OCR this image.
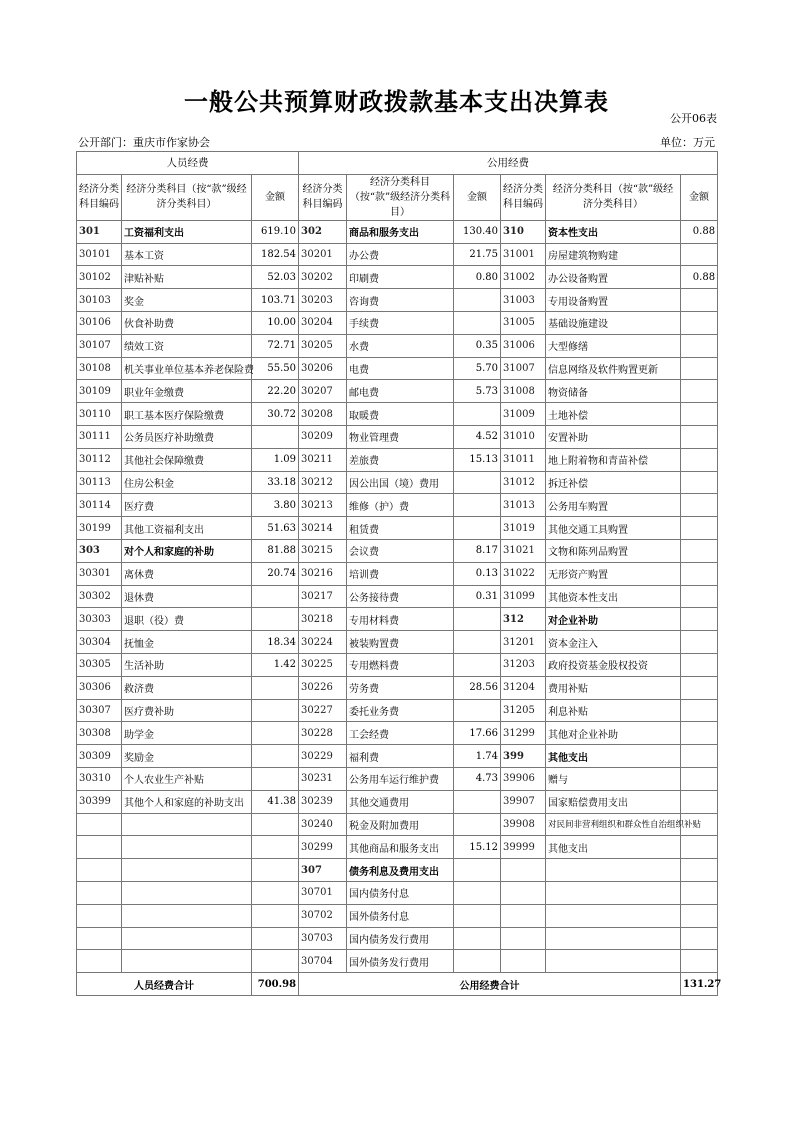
一般公共预算财政拨款基本支出决算表
公开06表
公开部门：重庆市作家协会	单位：万元
人员经费			公用经费					
经济分类科目编码	经济分类科目（按“款”级经济分类科目）	金额	经济分类科目编码	经济分类科目（按“款”级经济分类科目）	金额	经济分类科目编码	经济分类科目（按“款”级经济分类科目）	金额
301	工资福利支出	619.10	302	商品和服务支出	130.40	310	资本性支出	0.88
30101	基本工资	182.54	30201	办公费	21.75	31001	房屋建筑物购建	
30102	津贴补贴	52.03	30202	印刷费	0.80	31002	办公设备购置	0.88
30103	奖金	103.71	30203	咨询费		31003	专用设备购置	
30106	伙食补助费	10.00	30204	手续费		31005	基础设施建设	
30107	绩效工资	72.71	30205	水费	0.35	31006	大型修缮	
30108	机关事业单位基本养老保险费	55.50	30206	电费	5.70	31007	信息网络及软件购置更新	
30109	职业年金缴费	22.20	30207	邮电费	5.73	31008	物资储备	
30110	职工基本医疗保险缴费	30.72	30208	取暖费		31009	土地补偿	
30111	公务员医疗补助缴费		30209	物业管理费	4.52	31010	安置补助	
30112	其他社会保障缴费	1.09	30211	差旅费	15.13	31011	地上附着物和青苗补偿	
30113	住房公积金	33.18	30212	因公出国（境）费用		31012	拆迁补偿	
30114	医疗费	3.80	30213	维修（护）费		31013	公务用车购置	
30199	其他工资福利支出	51.63	30214	租赁费		31019	其他交通工具购置	
303	对个人和家庭的补助	81.88	30215	会议费	8.17	31021	文物和陈列品购置	
30301	离休费	20.74	30216	培训费	0.13	31022	无形资产购置	
30302	退休费		30217	公务接待费	0.31	31099	其他资本性支出	
30303	退职（役）费		30218	专用材料费		312	对企业补助	
30304	抚恤金	18.34	30224	被装购置费		31201	资本金注入	
30305	生活补助	1.42	30225	专用燃料费		31203	政府投资基金股权投资	
30306	救济费		30226	劳务费	28.56	31204	费用补贴	
30307	医疗费补助		30227	委托业务费		31205	利息补贴	
30308	助学金		30228	工会经费	17.66	31299	其他对企业补助	
30309	奖励金		30229	福利费	1.74	399	其他支出	
30310	个人农业生产补贴		30231	公务用车运行维护费	4.73	39906	赠与	
30399	其他个人和家庭的补助支出	41.38	30239	其他交通费用		39907	国家赔偿费用支出	
			30240	税金及附加费用		39908	对民间非营利组织和群众性自治组织补贴	
			30299	其他商品和服务支出	15.12	39999	其他支出	
			307	债务利息及费用支出				
			30701	国内债务付息				
			30702	国外债务付息				
			30703	国内债务发行费用				
			30704	国外债务发行费用				
人员经费合计		700.98	公用经费合计					131.27
